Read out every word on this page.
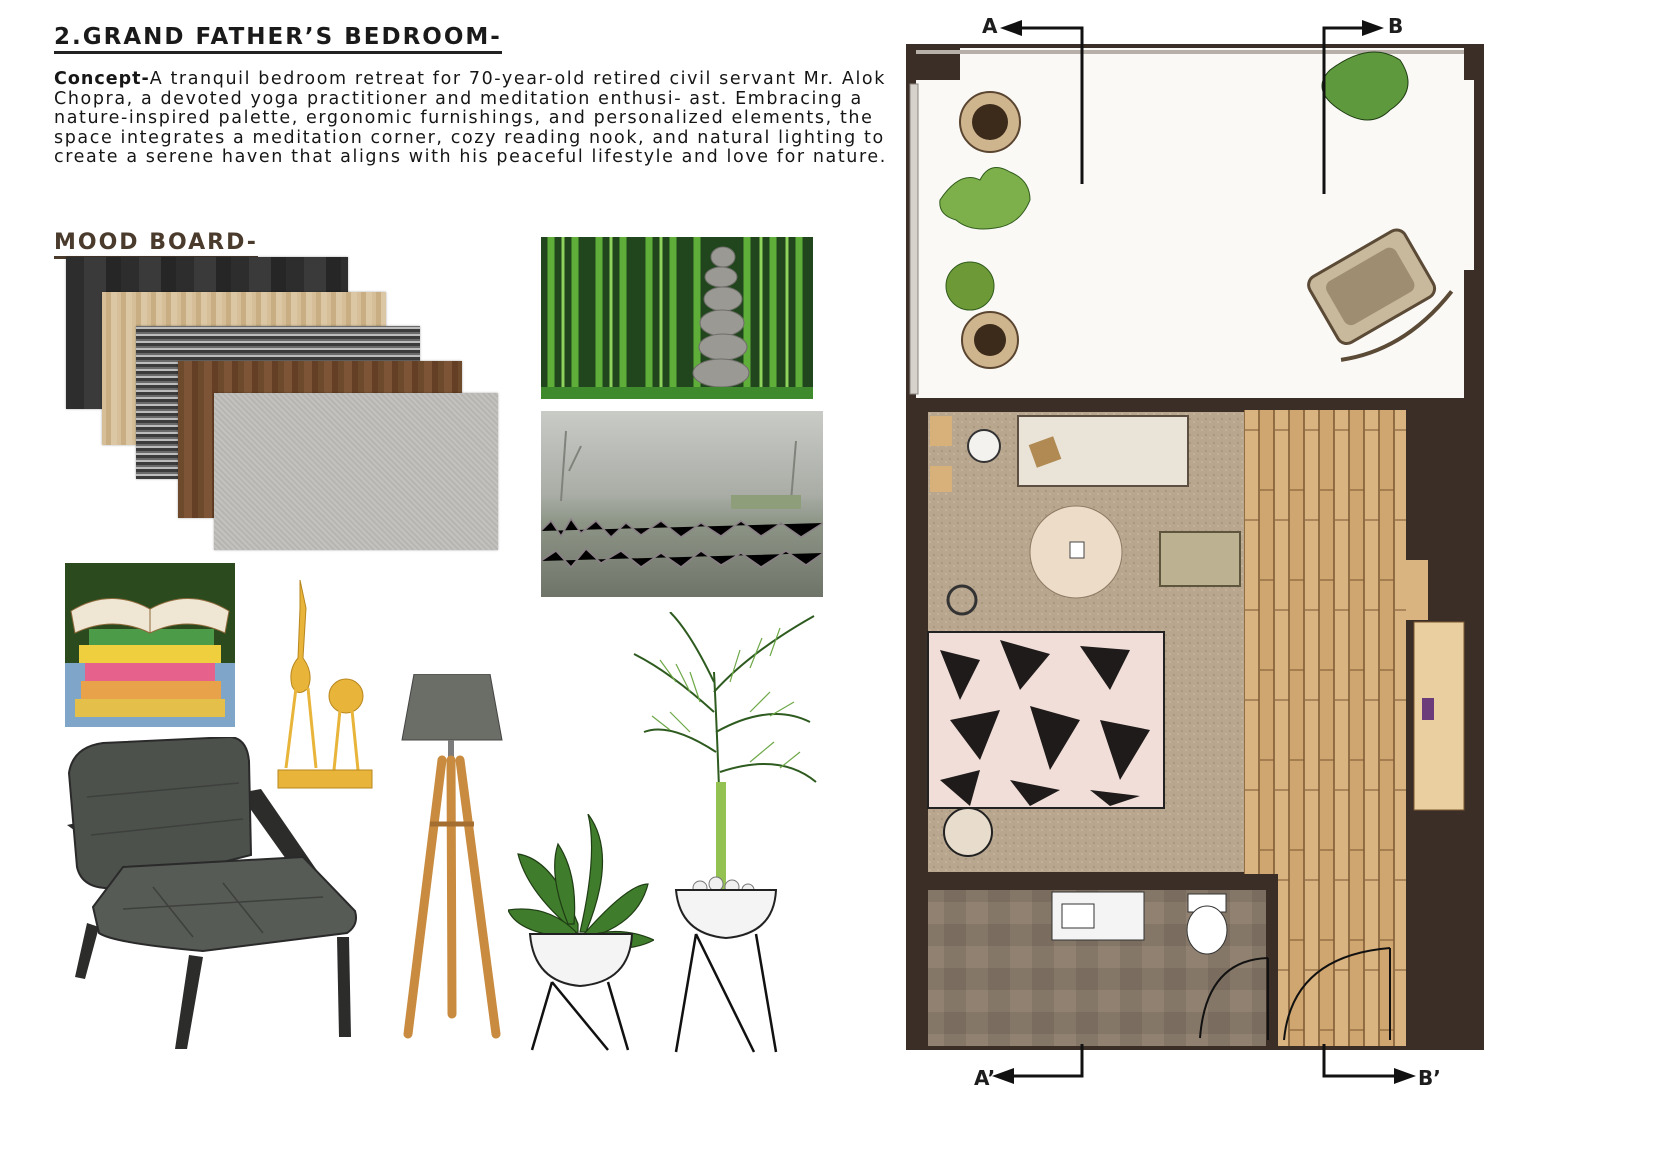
2.GRAND FATHER’S BEDROOM-
Concept-A tranquil bedroom retreat for 70-year-old retired civil servant Mr. Alok Chopra, a devoted yoga practitioner and meditation enthusi- ast. Embracing a nature-inspired palette, ergonomic furnishings, and personalized elements, the space integrates a meditation corner, cozy reading nook, and natural lighting to create a serene haven that aligns with his peaceful lifestyle and love for nature.
MOOD BOARD-
A	B
A’	B’
